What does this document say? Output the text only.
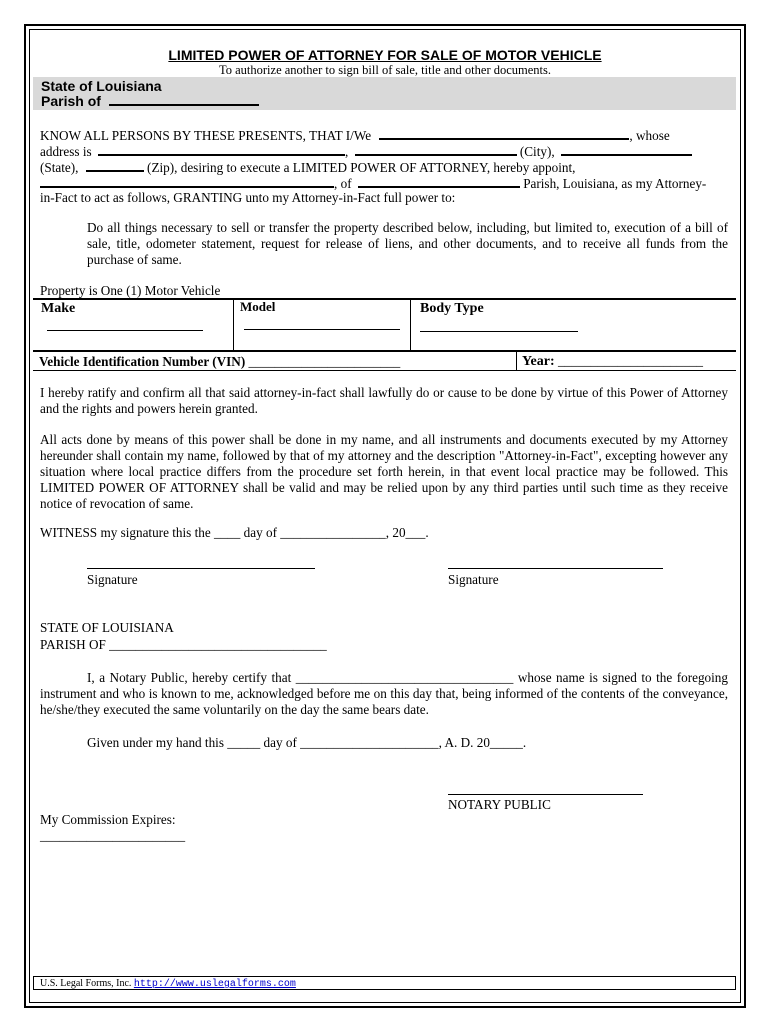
LIMITED POWER OF ATTORNEY FOR SALE OF MOTOR VEHICLE
To authorize another to sign bill of sale, title and other documents.
State of Louisiana
Parish of
KNOW ALL PERSONS BY THESE PRESENTS, THAT I/We	, whose
address is	,	(City),
(State),	(Zip), desiring to execute a LIMITED POWER OF ATTORNEY, hereby appoint,
, of	Parish, Louisiana, as my Attorney-
in-Fact to act as follows, GRANTING unto my Attorney-in-Fact full power to:
Do all things necessary to sell or transfer the property described below, including, but limited to, execution of a bill of sale, title, odometer statement, request for release of liens, and other documents, and to receive all funds from the purchase of same.
Property is One (1) Motor Vehicle
Make	Model	Body Type
Vehicle Identification Number (VIN) _______________________	Year: ______________________
I hereby ratify and confirm all that said attorney-in-fact shall lawfully do or cause to be done by virtue of this Power of Attorney and the rights and powers herein granted.
All acts done by means of this power shall be done in my name, and all instruments and documents executed by my Attorney hereunder shall contain my name, followed by that of my attorney and the description "Attorney-in-Fact", excepting however any situation where local practice differs from the procedure set forth herein, in that event local practice may be followed. This LIMITED POWER OF ATTORNEY shall be valid and may be relied upon by any third parties until such time as they receive notice of revocation of same.
WITNESS my signature this the ____ day of ________________, 20___.
Signature	Signature
STATE OF LOUISIANA
PARISH OF _________________________________
I, a Notary Public, hereby certify that _________________________________ whose name is signed to the foregoing instrument and who is known to me, acknowledged before me on this day that, being informed of the contents of the conveyance, he/she/they executed the same voluntarily on the day the same bears date.
Given under my hand this _____ day of _____________________, A. D. 20_____.
NOTARY PUBLIC
My Commission Expires:
______________________
U.S. Legal Forms, Inc. http://www.uslegalforms.com
